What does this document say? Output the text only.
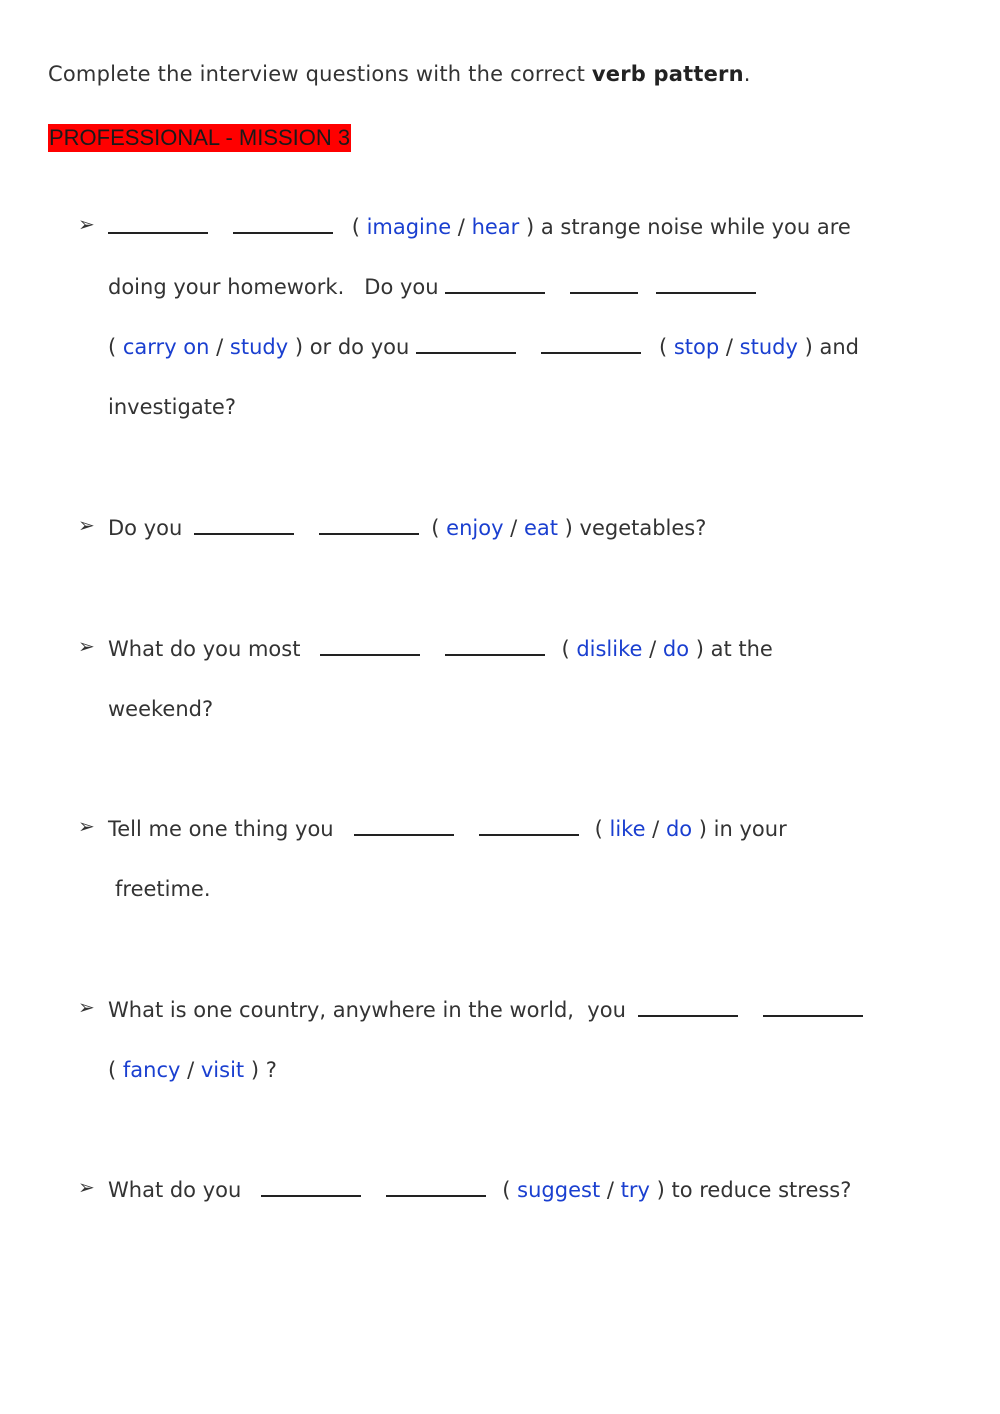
Complete the interview questions with the correct verb pattern.
PROFESSIONAL - MISSION 3
➢	( imagine / hear ) a strange noise while you are
doing your homework.   Do you
( carry on / study ) or do you	( stop / study ) and
investigate?
➢ Do you	( enjoy / eat ) vegetables?
➢ What do you most	( dislike / do ) at the
weekend?
➢ Tell me one thing you	( like / do ) in your
freetime.
➢ What is one country, anywhere in the world,  you
( fancy / visit ) ?
➢ What do you	( suggest / try ) to reduce stress?
